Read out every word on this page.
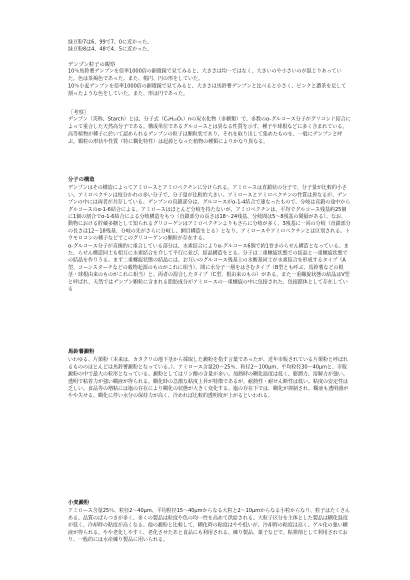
緑豆粉7は6、99で7、0に近かった。
緑豆粉8は4、48で4、5に近かった。
デンプン粒子の観察

10％馬鈴薯デンプンを倍率1000倍の顕微鏡で見てみると、大きさは均一ではなく、大きいのや小さいのが混じりあっていた。色は茶褐色であった。また、楕円、円の形をしていた。

10％小麦デンプンを倍率1000倍の顕微鏡で見てみると、大きさは馬鈴薯デンプンと比べると小さく、ピンクと濃茶を足して割ったような色をしていた。また、形は円であった。

［考察］

デンプン（英称、Starch）とは、分子式（C₆H₁₀O₅）nの炭水化物（多糖類）で、多数のα-グルコース分子がグリコシド結合によって重合した天然高分子である。構成単位であるグルコースとは異なる性質を示す。種子や球根などに多く含まれている。

高等植物が種子に於いて認められるデンプンの粒子は顆粒状であり、それを取り出して集めたものを、一般にデンプンと呼ぶ。顆粒の形状や性質（特に糊化特性）は起源となった植物の種類によりかなり異なる。

分子の構造

デンプンはその構造によってアミロースとアミロペクチンに分けられる。アミロースは直鎖状の分子で、分子量が比較的小さい。アミロペクチンは枝分かれの多い分子で、分子量が比較的大きい。アミロースとアミロペクチンの性質は異なるが、デンプンの中には両者が共存している。デンプンの直鎖部分は、グルコースがα-1-4結合で連なったもので、分岐は直鎖の途中からグルコースのα-1-6結合による。アミロースはほとんど分岐を持たないが、アミロペクチンは、平均でグルコース残基約25個に1個の割合でα-1-6結合による分岐構造をもつ（直鎖部分の長さは18〜24残基、分岐間は5〜8残基の間隔がある）。なお、動物における貯蔵多糖として知られるグリコーゲンはアミロペクチンよりもさらに分岐が多く、3残基に一回の分岐（直鎖部分の長さは12〜18残基、分岐の先がさらに分岐し、網目構造をとる）となり、アミロースやアミロペクチンとは区別される。トウモロコシの種子などでこのグリコーゲンの顆粒が存在する。

α-グルコース分子が直線的に重合している部分は、水素結合によりα-グルコース6個で約1巻きのらせん構造となっている。また、らせん構造同士も相互に水素結合を介して平行に並び、結晶構造をとる。分子は二重螺旋状態での結晶と一重螺旋状態での結晶を作りうる。まず二重螺旋状態の結晶には、お互いのグルコース残基上の水酸基同士が水素結合を形成するタイプ（A型、コーンスターチなどの穀物起源のものがこれに相当）、間に水分子一層をはさむタイプ（B型とも呼ぶ、馬鈴薯などの根茎・球根由来のものがこれに相当）と、両者の混合したタイプ（C型、根由来のもの）がある。また一重螺旋状態の結晶はV型と呼ばれ、天然ではデンプン顆粒に含まれる脂肪成分がアミロースの一重螺旋の中に包接された、包接錯体として存在している

馬鈴薯澱粉

いわゆる、片栗粉（本来は、カタクリの地下茎から採取した澱粉を指す言葉であったが、近年市販されている片栗粉と呼ばれるもののほとんどは馬鈴薯澱粉となっている。）。アミロース含量20〜25％、粒径2〜100μm、平均粒径30〜40μmと、市販澱粉の中で最大の粒形となっている。澱粉としてはリン酸の含量が多い。加熱時の糊化温度は低く、膨潤力、溶解力が強い。透明で粘着力が強い糊液が得られる。糊化時の急激な粘度上昇が特徴であるが、耐熱性・耐せん断性は低い。粘度の安定性は乏しい。食品等の増粘には塩の存在により糊化の状態が大きく変化する。塩の存在下では、糊化が抑制され、糊液も透明感がやや失せる。糊化に伴い水分の保持力が高く、冷めれば比較的透明度が上がるといわれる。

小麦澱粉

アミロース含量25％、粒径2〜40μm、平均粒径15〜40μmからなる大粒と2〜10μmからなる小粒からなり、粒子はたくさんある。品質のばらつきが多く、多くの製品は粒度や色の均一性を高めて供給される。大粒子区分を主体とした製品は糊化温度が低く、冷却時の粘度が高くなる。他の澱粉と比較して、糊化時の粘度はやや低いが、冷却時の粘度は高く、ゲル化の強い糊液が得られる。やや老化しやすく、老化させたあと食品にも利用される。練り製品、菓子などで、粘弾剤として利用されており、一般的には水産練り製品に用いられる。
